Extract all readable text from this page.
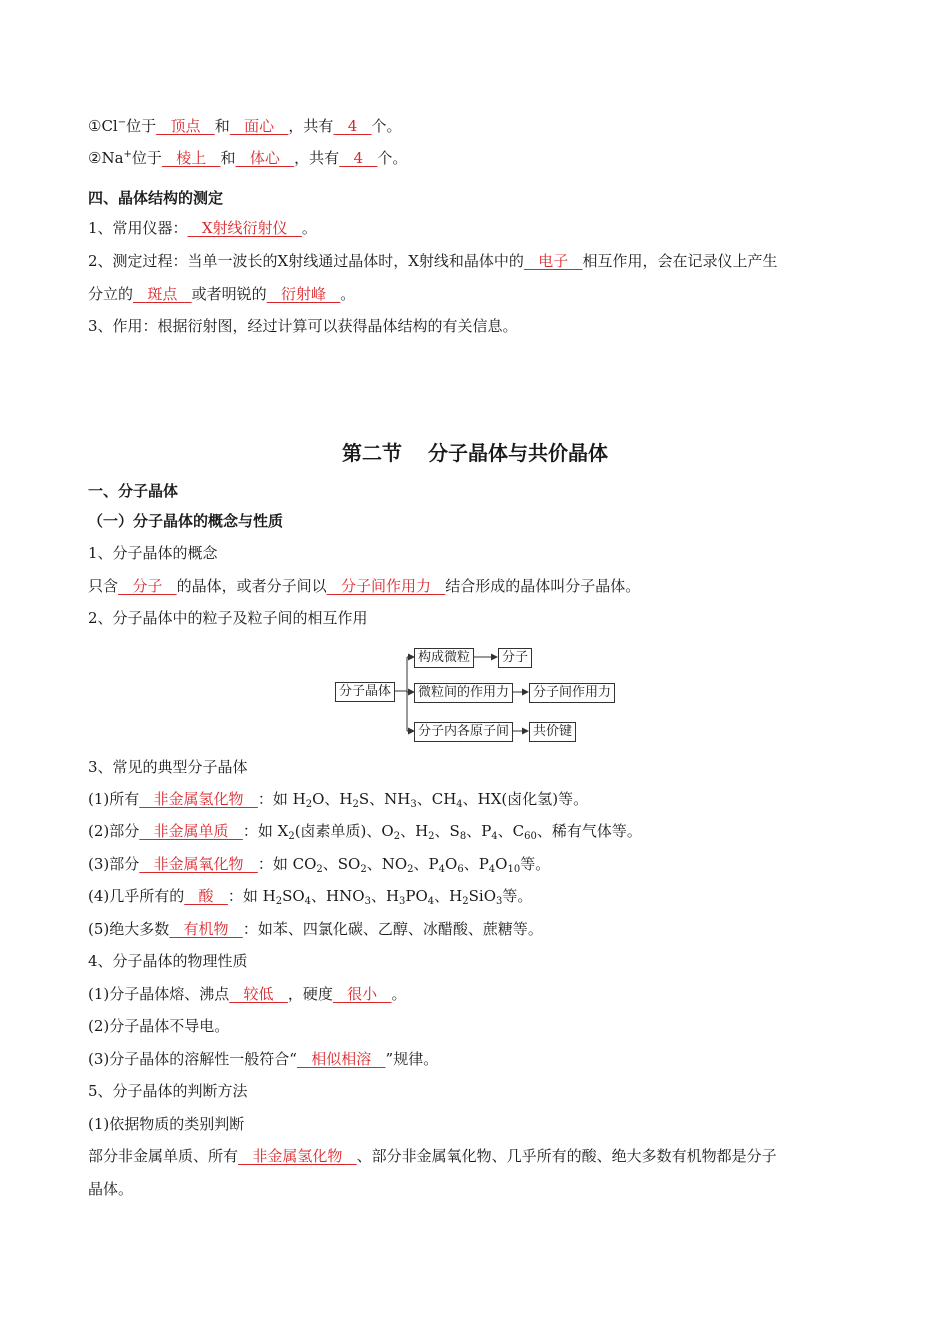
①Cl−位于   顶点   和   面心   ，共有   4   个。
②Na+位于   棱上   和   体心   ，共有   4   个。
四、晶体结构的测定
1、常用仪器：   X射线衍射仪   。
2、测定过程：当单一波长的X射线通过晶体时，X射线和晶体中的   电子   相互作用，会在记录仪上产生
分立的   斑点   或者明锐的   衍射峰   。
3、作用：根据衍射图，经过计算可以获得晶体结构的有关信息。
第二节 分子晶体与共价晶体
一、分子晶体
（一）分子晶体的概念与性质
1、分子晶体的概念
只含   分子   的晶体，或者分子间以   分子间作用力   结合形成的晶体叫分子晶体。
2、分子晶体中的粒子及粒子间的相互作用
分子晶体
构成微粒	分子
微粒间的作用力	分子间作用力
分子内各原子间	共价键
3、常见的典型分子晶体
(1)所有   非金属氢化物   ：如 $H_2O$、$H_2S$、$NH_3$、$CH_4$、HX(卤化氢)等。
(2)部分   非金属单质   ：如 $X_2$(卤素单质)、$O_2$、$H_2$、$S_8$、$P_4$、$C_{60}$、稀有气体等。
(3)部分   非金属氧化物   ：如 $CO_2$、$SO_2$、$NO_2$、$P_4O_6$、$P_4O_{10}$等。
(4)几乎所有的   酸   ：如 $H_2SO_4$、$HNO_3$、$H_3PO_4$、$H_2SiO_3$等。
(5)绝大多数   有机物   ：如苯、四氯化碳、乙醇、冰醋酸、蔗糖等。
4、分子晶体的物理性质
(1)分子晶体熔、沸点   较低   ，硬度   很小   。
(2)分子晶体不导电。
(3)分子晶体的溶解性一般符合“   相似相溶   ”规律。
5、分子晶体的判断方法
(1)依据物质的类别判断
部分非金属单质、所有   非金属氢化物   、部分非金属氧化物、几乎所有的酸、绝大多数有机物都是分子
晶体。
